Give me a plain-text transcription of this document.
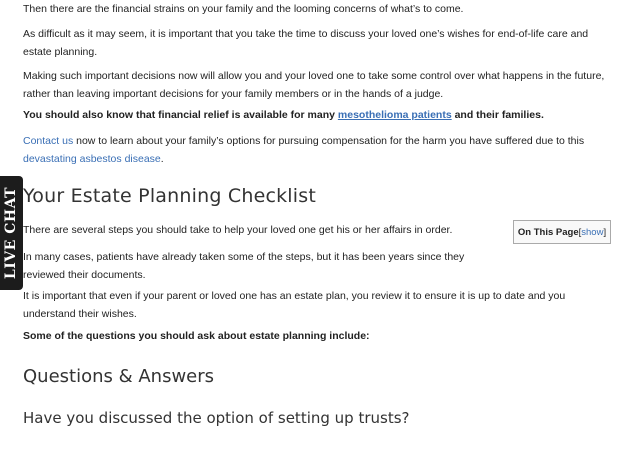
Then there are the financial strains on your family and the looming concerns of what’s to come.

As difficult as it may seem, it is important that you take the time to discuss your loved one’s wishes for end-of-life care and estate planning.

Making such important decisions now will allow you and your loved one to take some control over what happens in the future, rather than leaving important decisions for your family members or in the hands of a judge.

You should also know that financial relief is available for many mesothelioma patients and their families.

Contact us now to learn about your family’s options for pursuing compensation for the harm you have suffered due to this devastating asbestos disease.

Your Estate Planning Checklist

There are several steps you should take to help your loved one get his or her affairs in order.

In many cases, patients have already taken some of the steps, but it has been years since they reviewed their documents.

It is important that even if your parent or loved one has an estate plan, you review it to ensure it is up to date and you understand their wishes.

Some of the questions you should ask about estate planning include:

Questions & Answers
Have you discussed the option of setting up trusts?
LIVE CHAT	On This Page [ show ]
